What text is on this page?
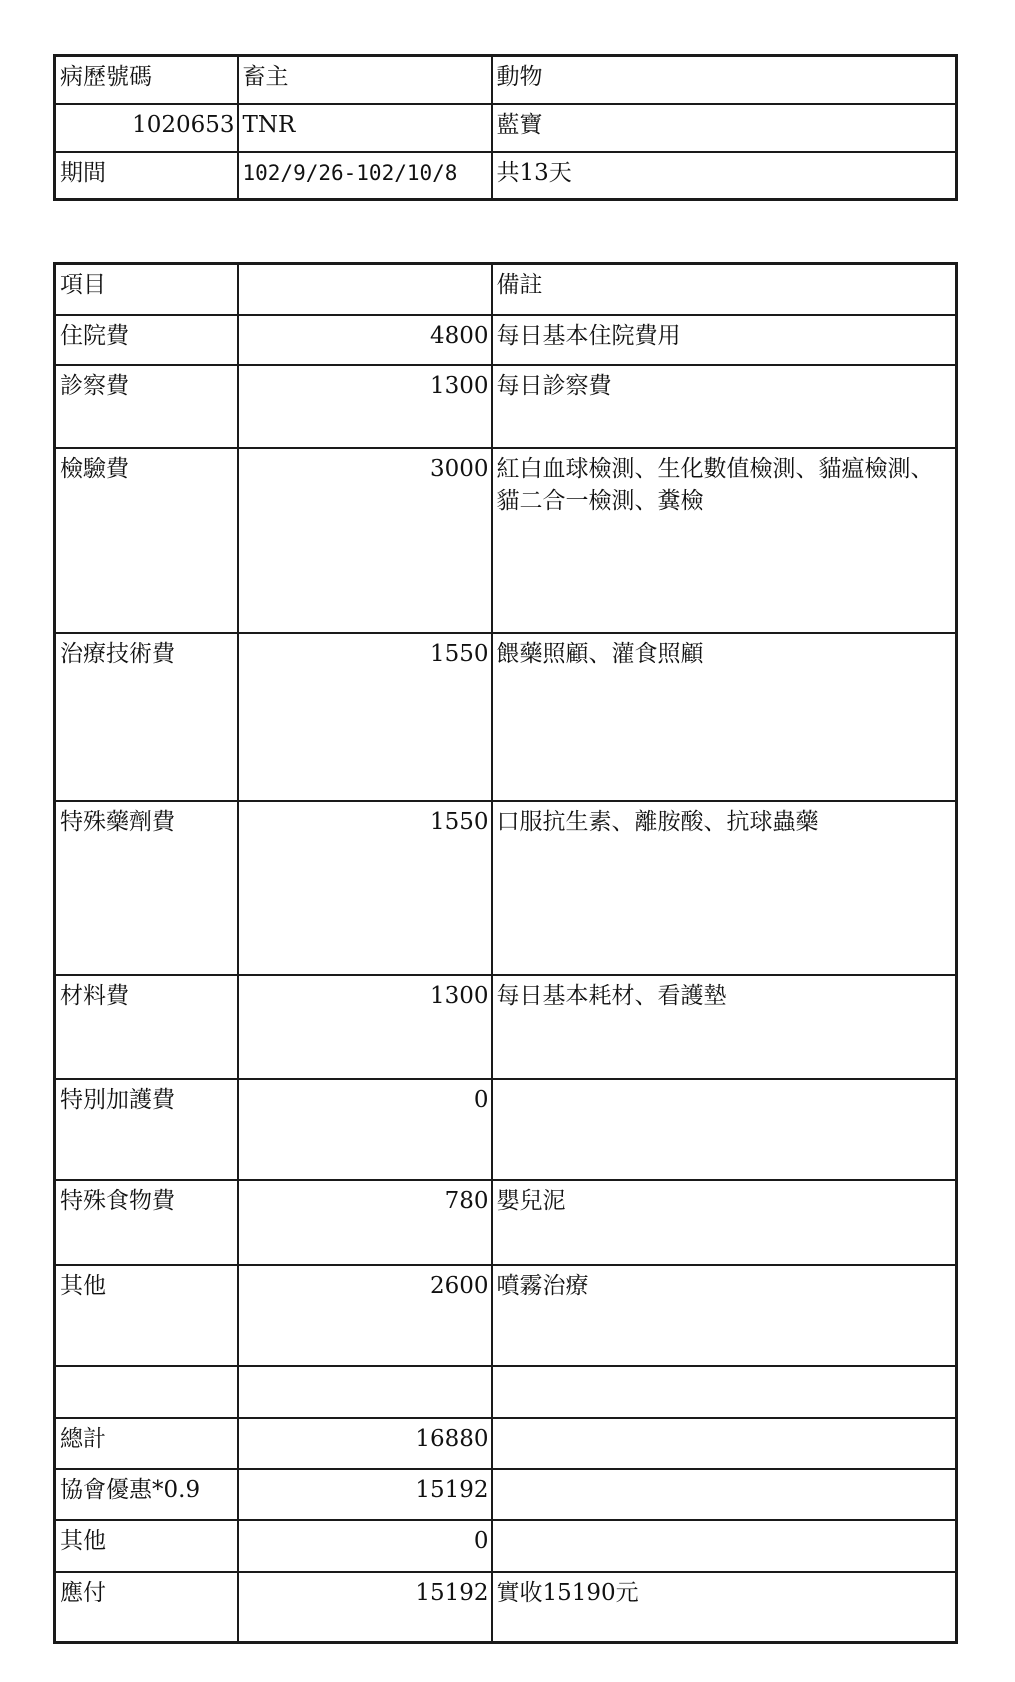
病歷號碼	畜主	動物
1020653	TNR	藍寶
期間	102/9/26-102/10/8	共13天
項目		備註
住院費	4800	每日基本住院費用
診察費	1300	每日診察費
檢驗費	3000	紅白血球檢測、生化數值檢測、貓瘟檢測、貓二合一檢測、糞檢
治療技術費	1550	餵藥照顧、灌食照顧
特殊藥劑費	1550	口服抗生素、離胺酸、抗球蟲藥
材料費	1300	每日基本耗材、看護墊
特別加護費	0	
特殊食物費	780	嬰兒泥
其他	2600	噴霧治療

總計	16880	
協會優惠*0.9	15192	
其他	0	
應付	15192	實收15190元
